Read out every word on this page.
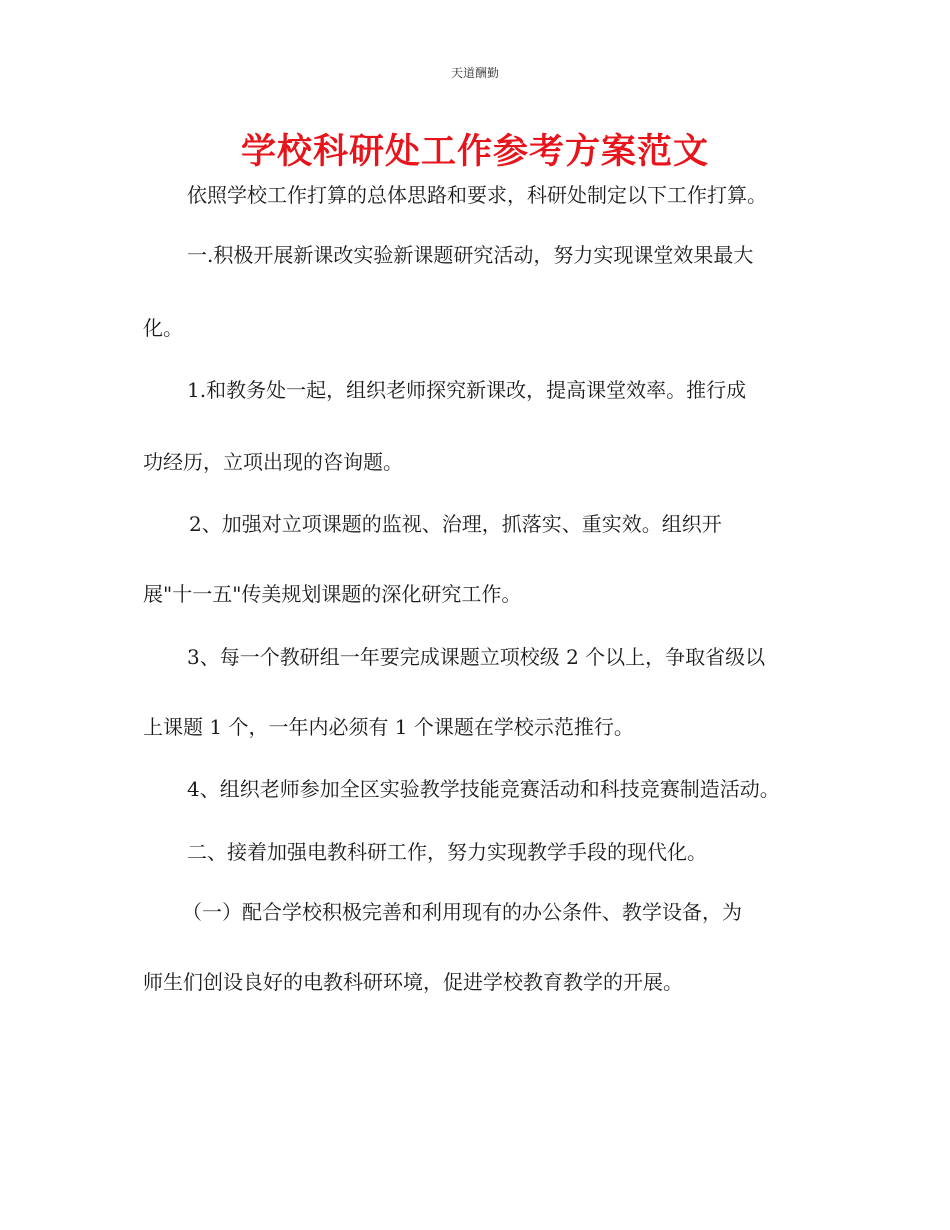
天道酬勤
学校科研处工作参考方案范文
依照学校工作打算的总体思路和要求，科研处制定以下工作打算。
一.积极开展新课改实验新课题研究活动，努力实现课堂效果最大
化。
1.和教务处一起，组织老师探究新课改，提高课堂效率。推行成
功经历，立项出现的咨询题。
2、加强对立项课题的监视、治理，抓落实、重实效。组织开
展"十一五"传美规划课题的深化研究工作。
3、每一个教研组一年要完成课题立项校级 2 个以上，争取省级以
上课题 1 个，一年内必须有 1 个课题在学校示范推行。
4、组织老师参加全区实验教学技能竞赛活动和科技竞赛制造活动。
二、接着加强电教科研工作，努力实现教学手段的现代化。
（一）配合学校积极完善和利用现有的办公条件、教学设备，为
师生们创设良好的电教科研环境，促进学校教育教学的开展。
